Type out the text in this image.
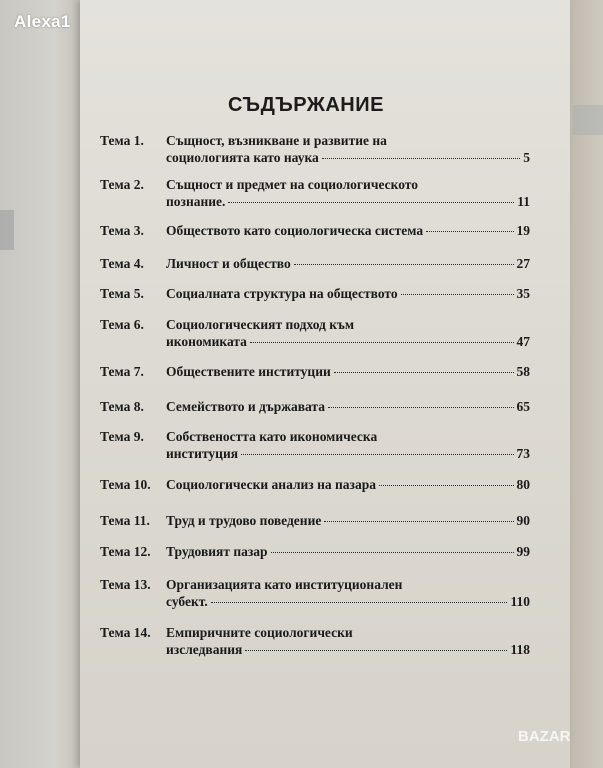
Alexa1
BAZAR
СЪДЪРЖАНИЕ
Тема 1.	Същност, възникване и развитие на
социологията като наука	5
Тема 2.	Същност и предмет на социологическото
познание.	11
Тема 3.	Обществото като социологическа система	19
Тема 4.	Личност и общество	27
Тема 5.	Социалната структура на обществото	35
Тема 6.	Социологическият подход към
икономиката	47
Тема 7.	Обществените институции	58
Тема 8.	Семейството и държавата	65
Тема 9.	Собствеността като икономическа
институция	73
Тема 10.	Социологически анализ на пазара	80
Тема 11.	Труд и трудово поведение	90
Тема 12.	Трудовият пазар	99
Тема 13.	Организацията като институционален
субект.	110
Тема 14.	Емпиричните социологически
изследвания	118
